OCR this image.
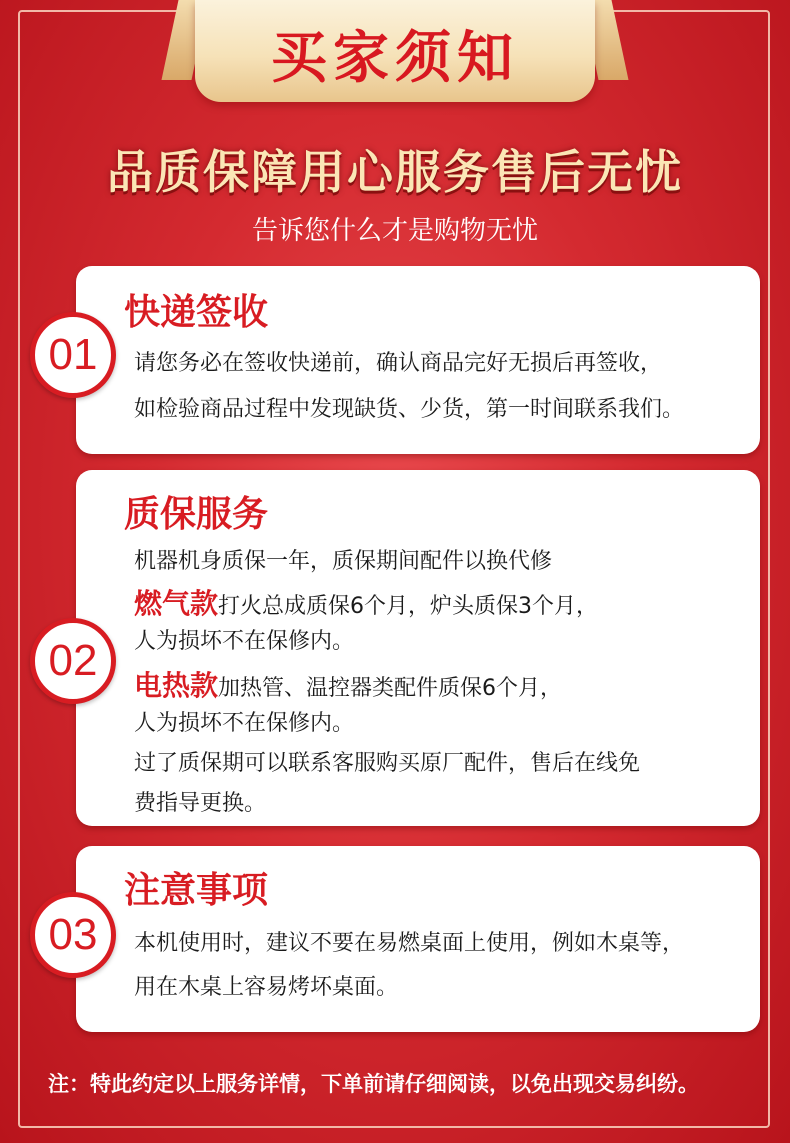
买家须知
品质保障用心服务售后无忧
告诉您什么才是购物无忧
快递签收
请您务必在签收快递前，确认商品完好无损后再签收，
如检验商品过程中发现缺货、少货，第一时间联系我们。
01
质保服务
机器机身质保一年，质保期间配件以换代修
燃气款打火总成质保6个月，炉头质保3个月，
人为损坏不在保修内。
电热款加热管、温控器类配件质保6个月，
人为损坏不在保修内。
过了质保期可以联系客服购买原厂配件，售后在线免
费指导更换。
02
注意事项
本机使用时，建议不要在易燃桌面上使用，例如木桌等，
用在木桌上容易烤坏桌面。
03
注：特此约定以上服务详情，下单前请仔细阅读，以免出现交易纠纷。
